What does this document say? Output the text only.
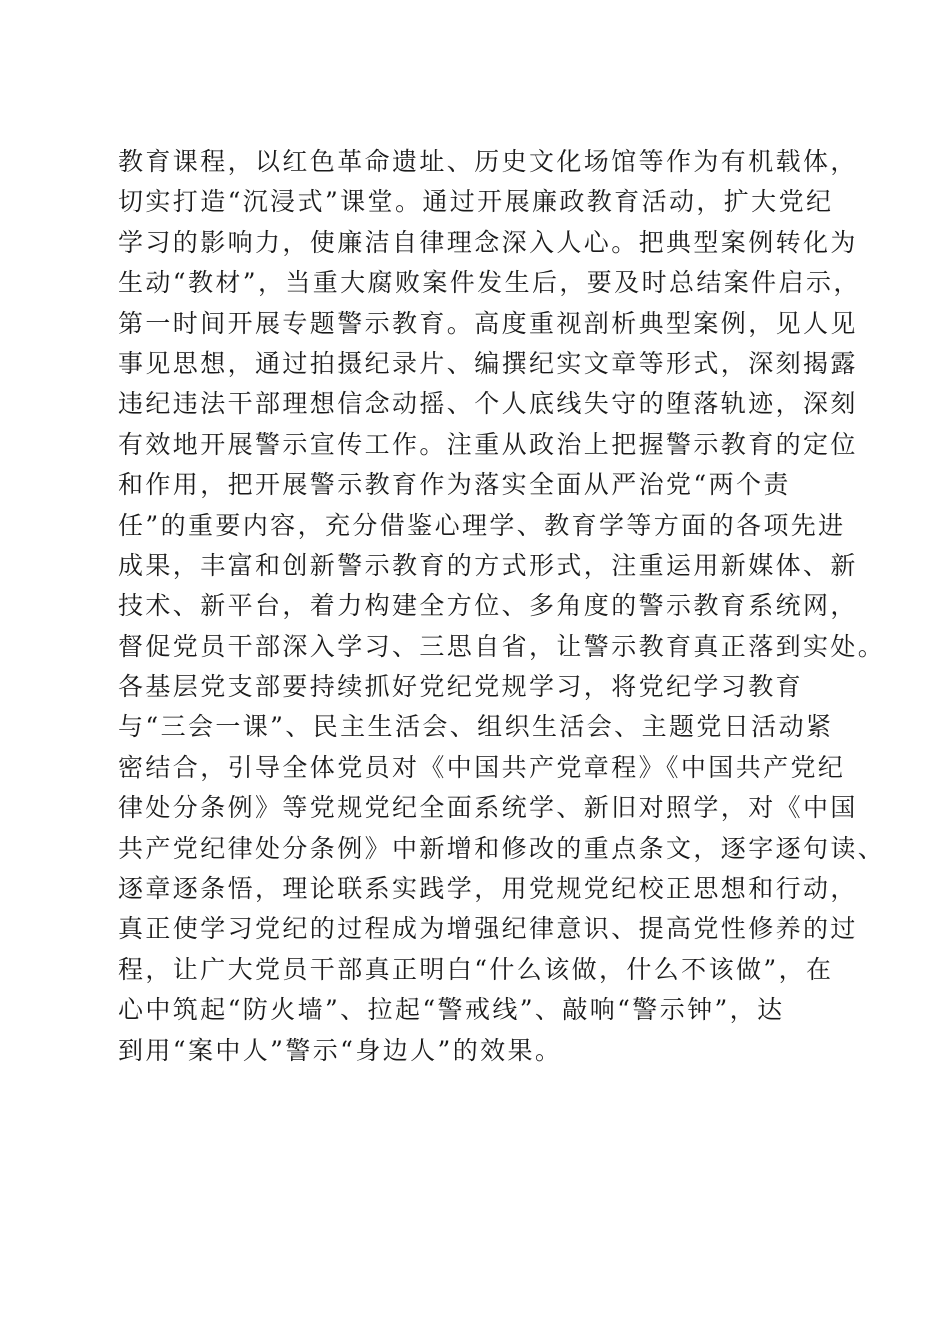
教育课程，以红色革命遗址、历史文化场馆等作为有机载体，
切实打造“沉浸式”课堂。通过开展廉政教育活动，扩大党纪
学习的影响力，使廉洁自律理念深入人心。把典型案例转化为
生动“教材”，当重大腐败案件发生后，要及时总结案件启示，
第一时间开展专题警示教育。高度重视剖析典型案例，见人见
事见思想，通过拍摄纪录片、编撰纪实文章等形式，深刻揭露
违纪违法干部理想信念动摇、个人底线失守的堕落轨迹，深刻
有效地开展警示宣传工作。注重从政治上把握警示教育的定位
和作用，把开展警示教育作为落实全面从严治党“两个责
任”的重要内容，充分借鉴心理学、教育学等方面的各项先进
成果，丰富和创新警示教育的方式形式，注重运用新媒体、新
技术、新平台，着力构建全方位、多角度的警示教育系统网，
督促党员干部深入学习、三思自省，让警示教育真正落到实处。
各基层党支部要持续抓好党纪党规学习，将党纪学习教育
与“三会一课”、民主生活会、组织生活会、主题党日活动紧
密结合，引导全体党员对《中国共产党章程》《中国共产党纪
律处分条例》等党规党纪全面系统学、新旧对照学，对《中国
共产党纪律处分条例》中新增和修改的重点条文，逐字逐句读、
逐章逐条悟，理论联系实践学，用党规党纪校正思想和行动，
真正使学习党纪的过程成为增强纪律意识、提高党性修养的过
程，让广大党员干部真正明白“什么该做，什么不该做”，在
心中筑起“防火墙”、拉起“警戒线”、敲响“警示钟”，达
到用“案中人”警示“身边人”的效果。
